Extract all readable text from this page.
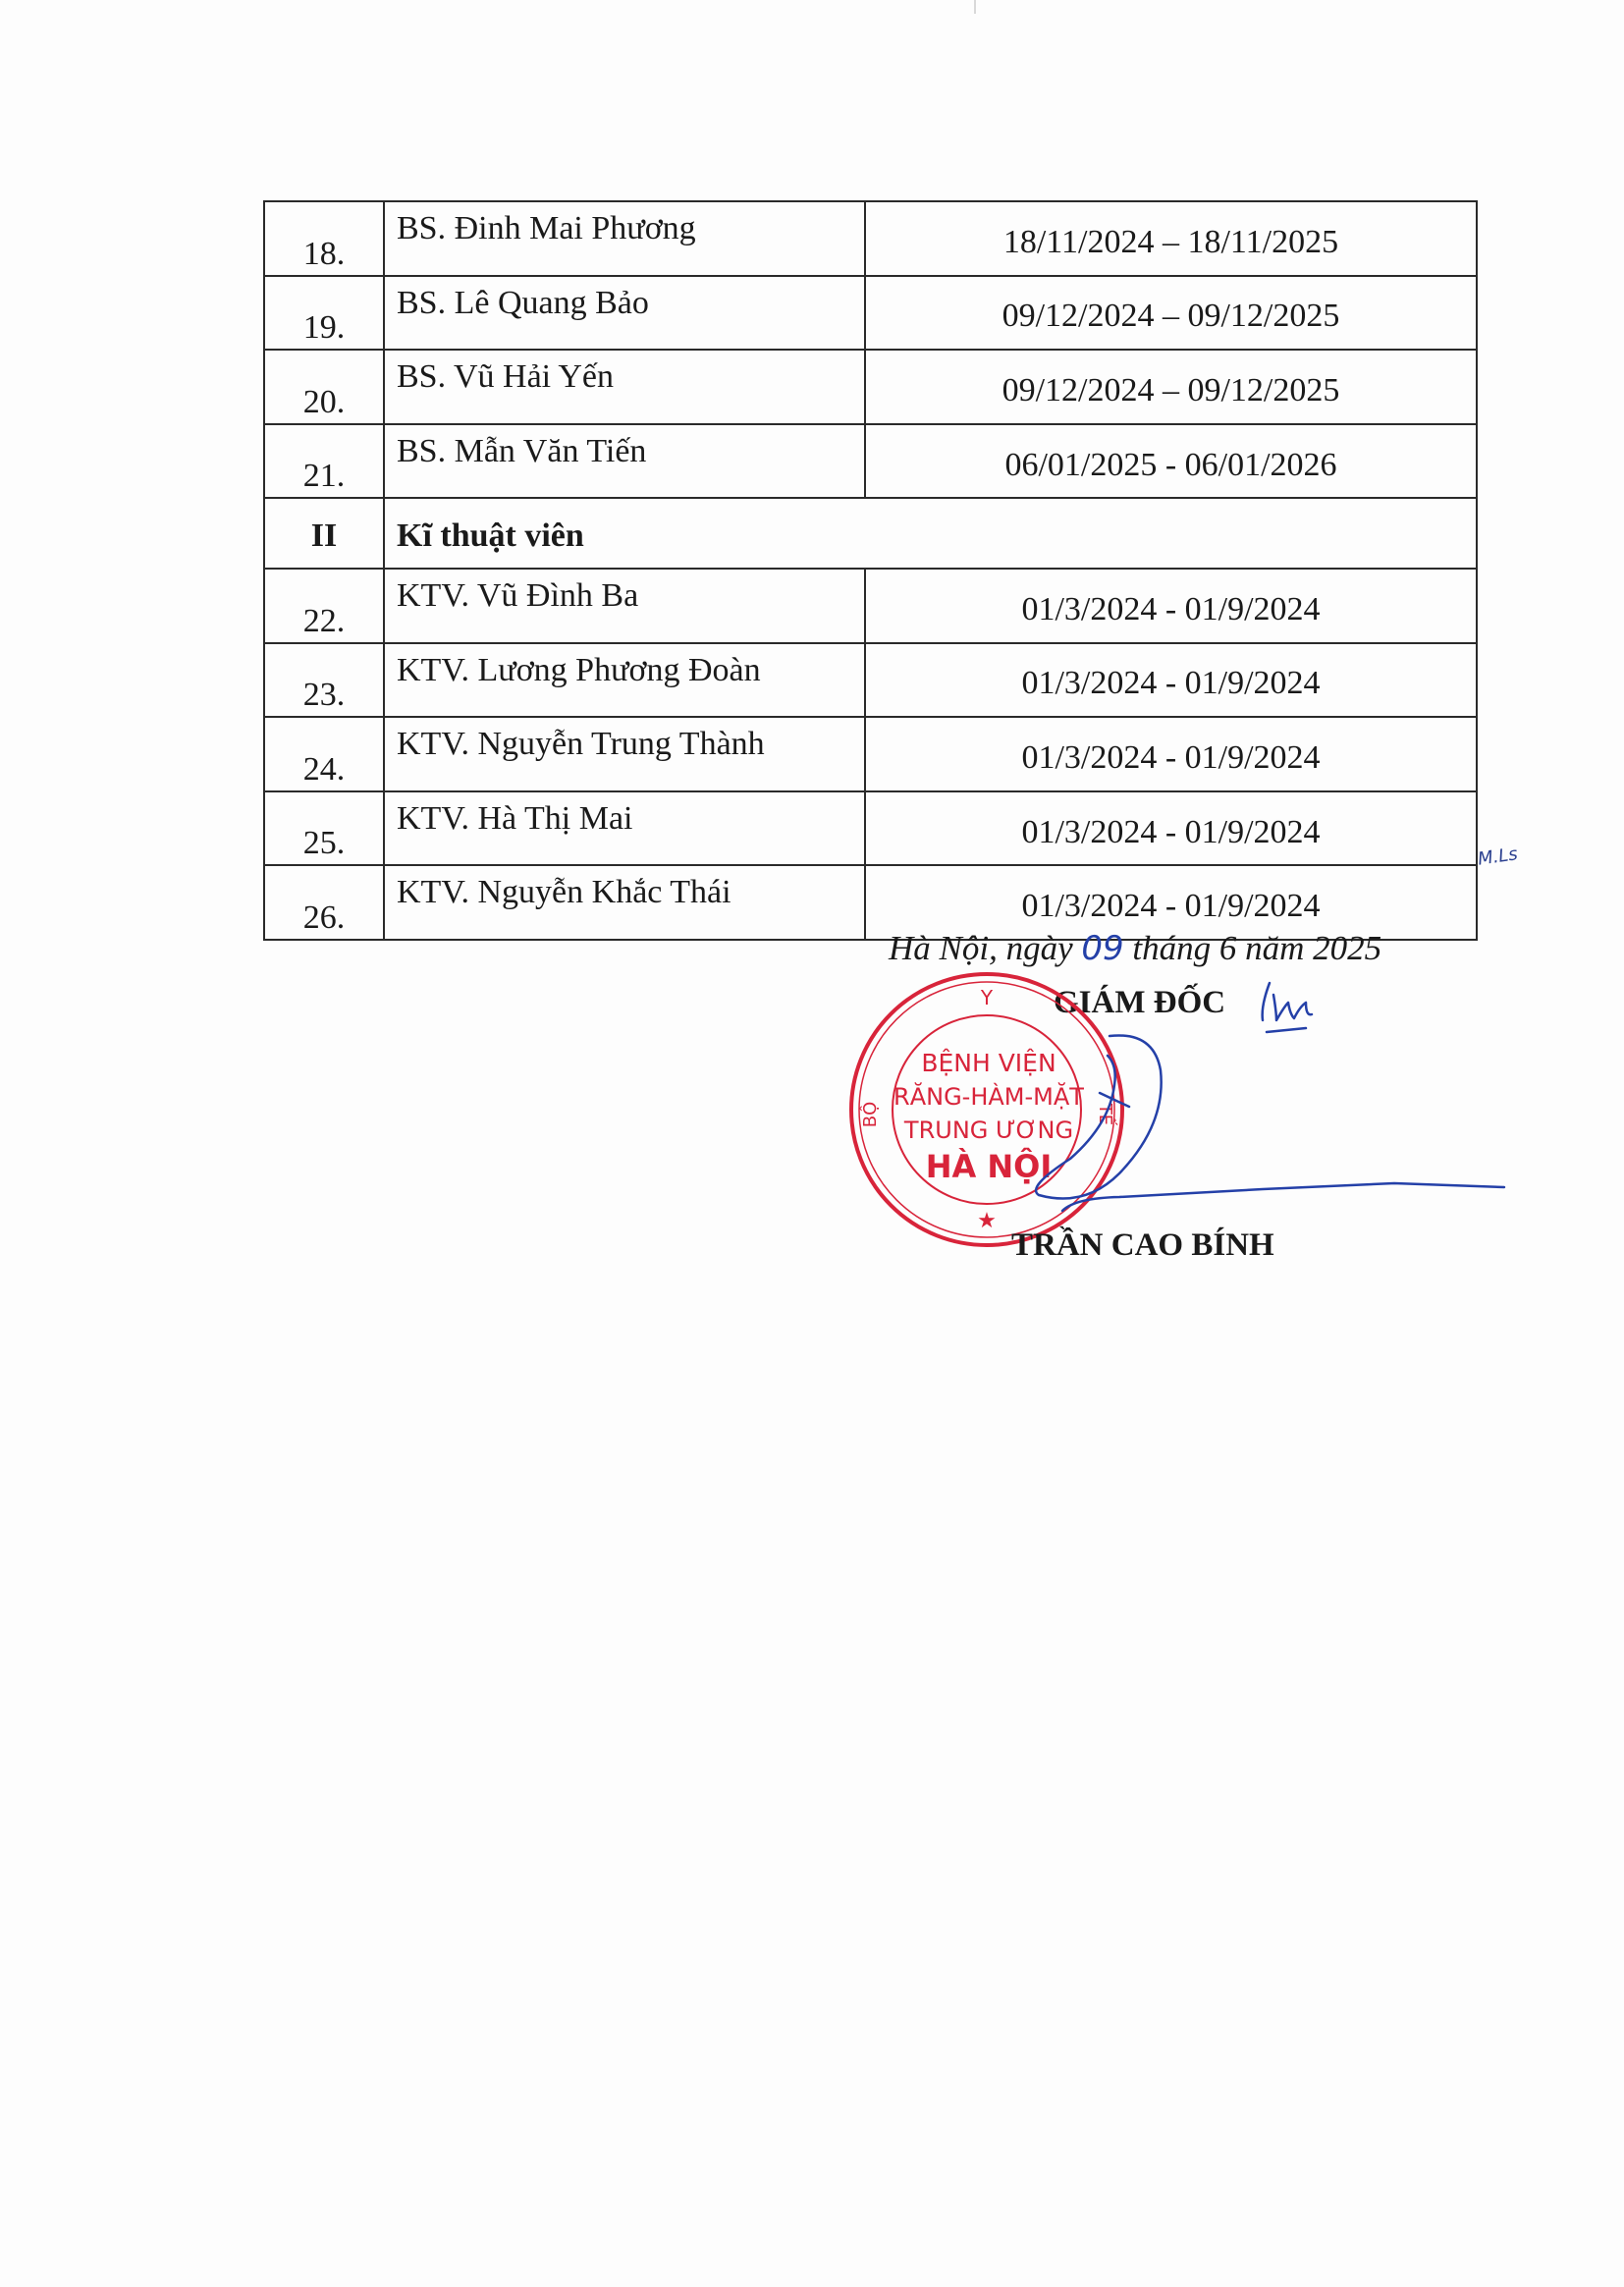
18.	BS. Đinh Mai Phương	18/11/2024 – 18/11/2025
19.	BS. Lê Quang Bảo	09/12/2024 – 09/12/2025
20.	BS. Vũ Hải Yến	09/12/2024 – 09/12/2025
21.	BS. Mẫn Văn Tiến	06/01/2025 - 06/01/2026
II	Kĩ thuật viên	
22.	KTV. Vũ Đình Ba	01/3/2024 - 01/9/2024
23.	KTV. Lương Phương Đoàn	01/3/2024 - 01/9/2024
24.	KTV. Nguyễn Trung Thành	01/3/2024 - 01/9/2024
25.	KTV. Hà Thị Mai	01/3/2024 - 01/9/2024
26.	KTV. Nguyễn Khắc Thái	01/3/2024 - 01/9/2024
M.Ls
Hà Nội, ngày 09 tháng 6 năm 2025
GIÁM ĐỐC
Y
BỘ	TẾ
BỆNH VIỆN
RĂNG-HÀM-MẶT
TRUNG ƯƠNG
HÀ NỘI
★
TRẦN CAO BÍNH
